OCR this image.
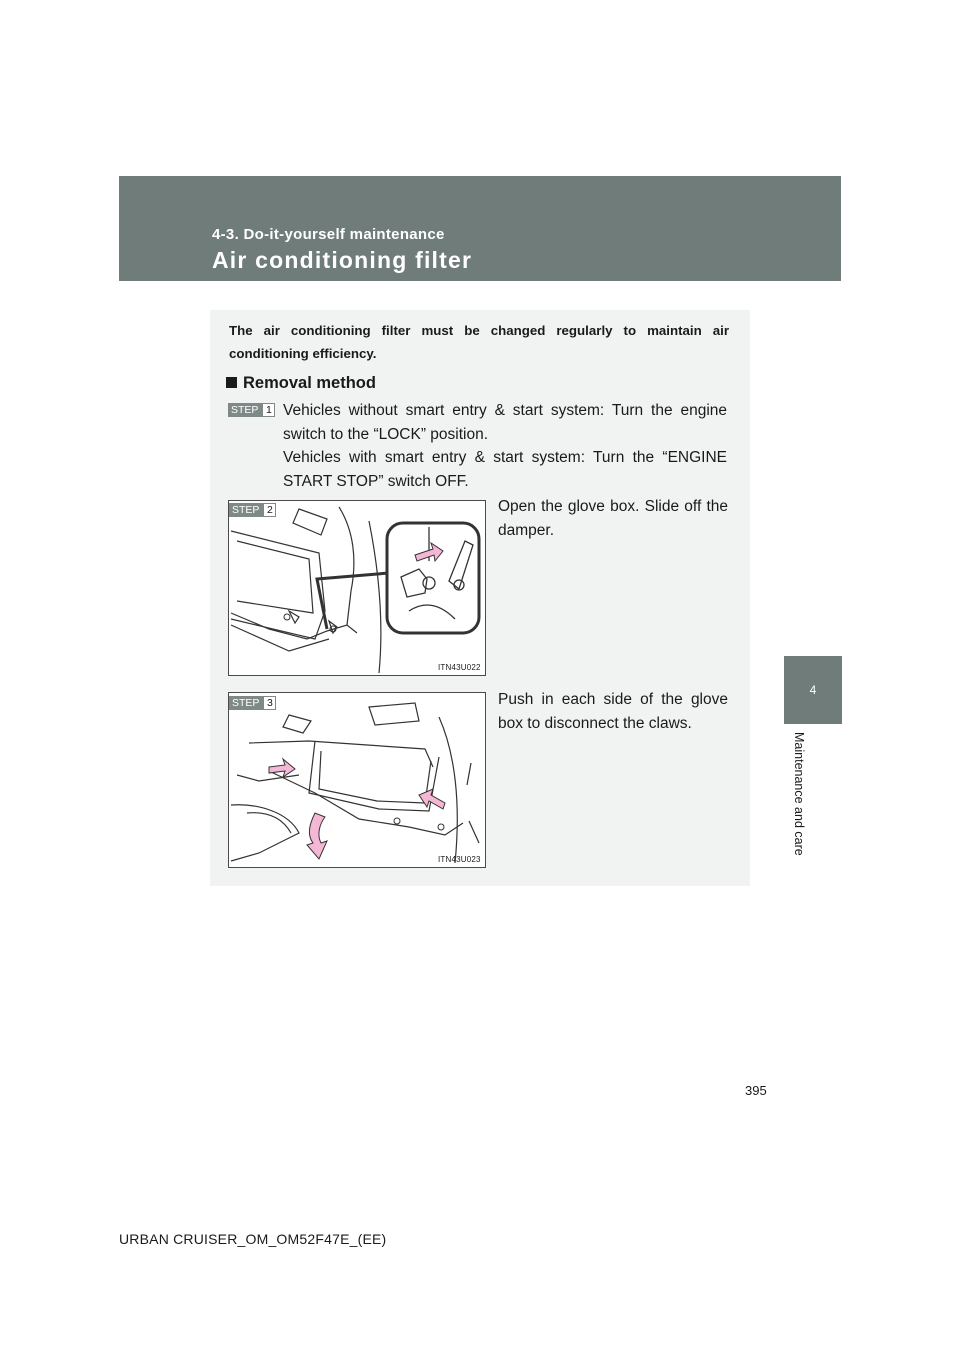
4-3. Do-it-yourself maintenance
Air conditioning filter
4
Maintenance and care
The air conditioning filter must be changed regularly to maintain air conditioning efficiency.
Removal method
STEP 1 Vehicles without smart entry & start system: Turn the engine switch to the “LOCK” position.

Vehicles with smart entry & start system: Turn the “ENGINE START STOP” switch OFF.

STEP 2
ITN43U022
Open the glove box. Slide off the damper.
STEP 3
ITN43U023
Push in each side of the glove box to disconnect the claws.
395
URBAN CRUISER_OM_OM52F47E_(EE)
